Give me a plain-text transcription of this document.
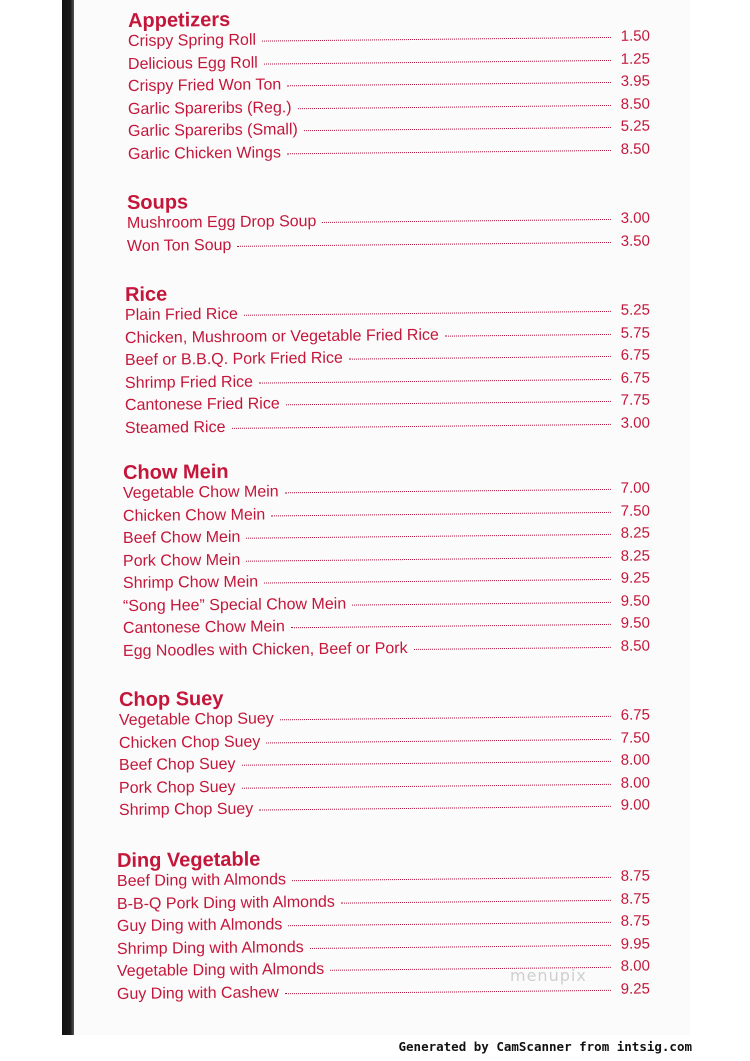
Appetizers
Crispy Spring Roll	1.50
Delicious Egg Roll	1.25
Crispy Fried Won Ton	3.95
Garlic Spareribs (Reg.)	8.50
Garlic Spareribs (Small)	5.25
Garlic Chicken Wings	8.50
Soups
Mushroom Egg Drop Soup	3.00
Won Ton Soup	3.50
Rice
Plain Fried Rice	5.25
Chicken, Mushroom or Vegetable Fried Rice	5.75
Beef or B.B.Q. Pork Fried Rice	6.75
Shrimp Fried Rice	6.75
Cantonese Fried Rice	7.75
Steamed Rice	3.00
Chow Mein
Vegetable Chow Mein	7.00
Chicken Chow Mein	7.50
Beef Chow Mein	8.25
Pork Chow Mein	8.25
Shrimp Chow Mein	9.25
“Song Hee” Special Chow Mein	9.50
Cantonese Chow Mein	9.50
Egg Noodles with Chicken, Beef or Pork	8.50
Chop Suey
Vegetable Chop Suey	6.75
Chicken Chop Suey	7.50
Beef Chop Suey	8.00
Pork Chop Suey	8.00
Shrimp Chop Suey	9.00
Ding Vegetable
Beef Ding with Almonds	8.75
B-B-Q Pork Ding with Almonds	8.75
Guy Ding with Almonds	8.75
Shrimp Ding with Almonds	9.95
Vegetable Ding with Almonds	8.00
Guy Ding with Cashew	9.25
menupix
Generated by CamScanner from intsig.com
